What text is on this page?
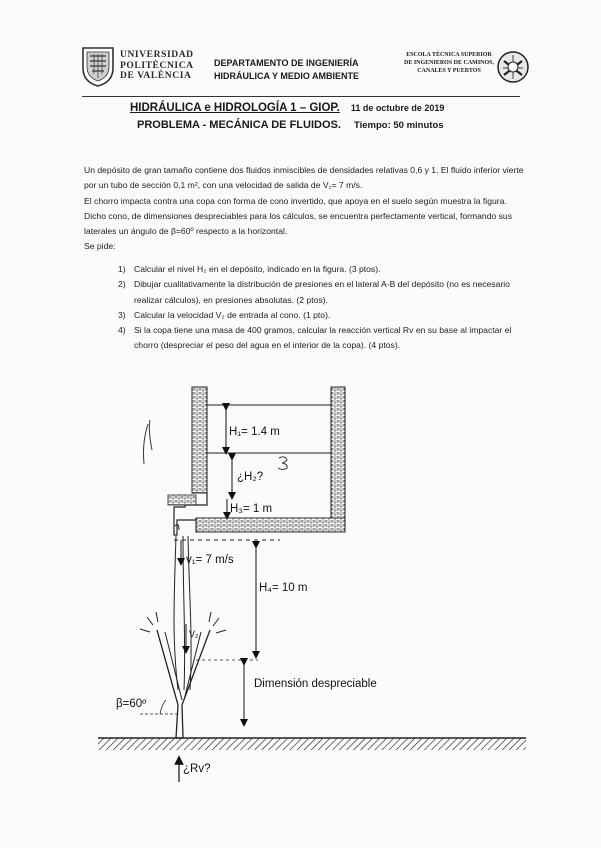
UNIVERSIDAD
POLITÈCNICA
DE VALÈNCIA
DEPARTAMENTO DE INGENIERÍA
HIDRÁULICA Y MEDIO AMBIENTE
ESCOLA TÈCNICA SUPERIOR
DE INGENIEROS DE CAMINOS,
CANALES Y PUERTOS
HIDRÁULICA e HIDROLOGÍA 1 – GIOP. 11 de octubre de 2019
PROBLEMA - MECÁNICA DE FLUIDOS. Tiempo: 50 minutos

Un depósito de gran tamaño contiene dos fluidos inmiscibles de densidades relativas 0,6 y 1. El fluido inferior vierte por un tubo de sección 0,1 m², con una velocidad de salida de V₁= 7 m/s.

El chorro impacta contra una copa con forma de cono invertido, que apoya en el suelo según muestra la figura. Dicho cono, de dimensiones despreciables para los cálculos, se encuentra perfectamente vertical, formando sus laterales un ángulo de β=60º respecto a la horizontal.

Se pide:

1) Calcular el nivel H₂ en el depósito, indicado en la figura. (3 ptos).
2) Dibujar cualitativamente la distribución de presiones en el lateral A-B del depósito (no es necesario realizar cálculos), en presiones absolutas. (2 ptos).
3) Calcular la velocidad V₂ de entrada al cono. (1 pto).
4) Si la copa tiene una masa de 400 gramos, calcular la reacción vertical Rv en su base al impactar el chorro (despreciar el peso del agua en el interior de la copa). (4 ptos).
H₁= 1.4 m
¿H₂?
H₃= 1 m
v₁= 7 m/s
H₄= 10 m
V₂
Dimensión despreciable
β=60º
¿Rv?
